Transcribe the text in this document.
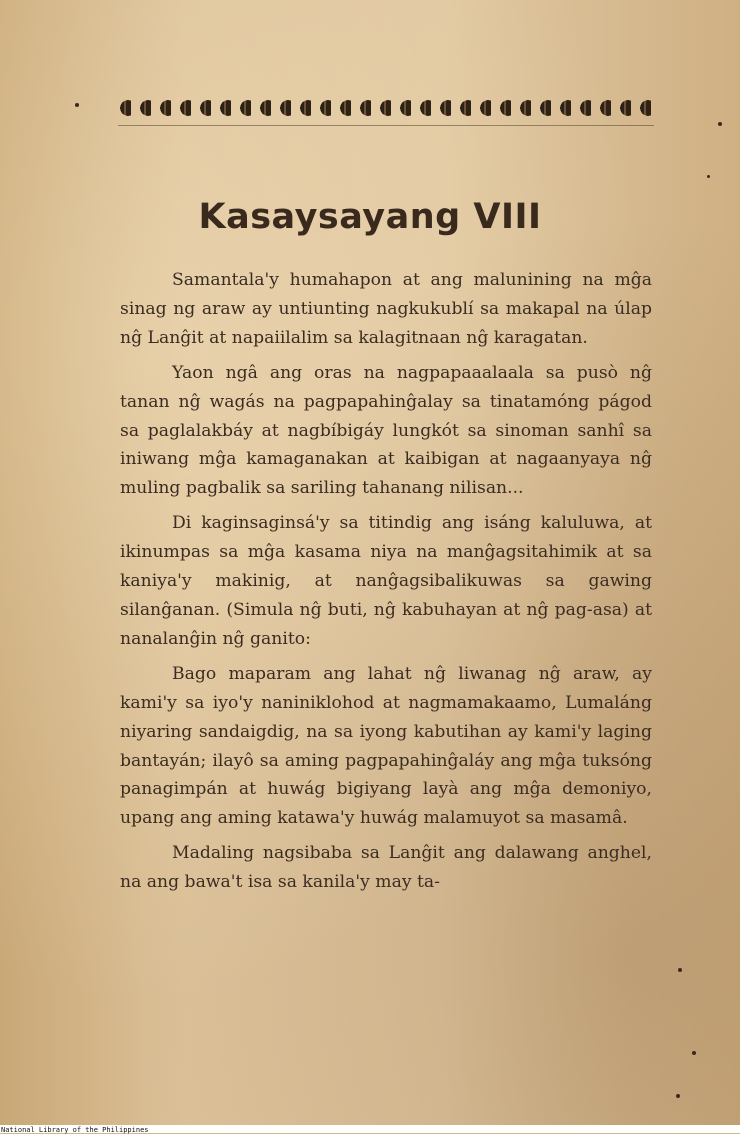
Kasaysayang VIII

Samantala'y humahapon at ang malunining na mĝa sinag ng araw ay untiunting nagkukublí sa makapal na úlap nĝ Lanĝit at napaiilalim sa kalagitnaan nĝ karagatan.

Yaon ngâ ang oras na nagpapaaalaala sa pusò nĝ tanan nĝ wagás na pagpapahinĝalay sa tinatamóng págod sa paglalakbáy at nagbíbigáy lungkót sa sinoman sanhî sa iniwang mĝa kamaganakan at kaibigan at nagaanyaya nĝ muling pagbalik sa sariling tahanang nilisan...

Di kaginsaginsá'y sa titindig ang isáng kaluluwa, at ikinumpas sa mĝa kasama niya na manĝagsitahimik at sa kaniya'y makinig, at nanĝagsibalikuwas sa gawing silanĝanan. (Simula nĝ buti, nĝ kabuhayan at nĝ pag-asa) at nanalanĝin nĝ ganito:

Bago maparam ang lahat nĝ liwanag nĝ araw, ay kami'y sa iyo'y naniniklohod at nagmamakaamo, Lumaláng niyaring sandaigdig, na sa iyong kabutihan ay kami'y laging bantayán; ilayô sa aming pagpapahinĝaláy ang mĝa tuksóng panagimpán at huwág bigiyang layà ang mĝa demoniyo, upang ang aming katawa'y huwág malamuyot sa masamâ.

Madaling nagsibaba sa Lanĝit ang dalawang anghel, na ang bawa't isa sa kanila'y may ta-

National Library of the Philippines
